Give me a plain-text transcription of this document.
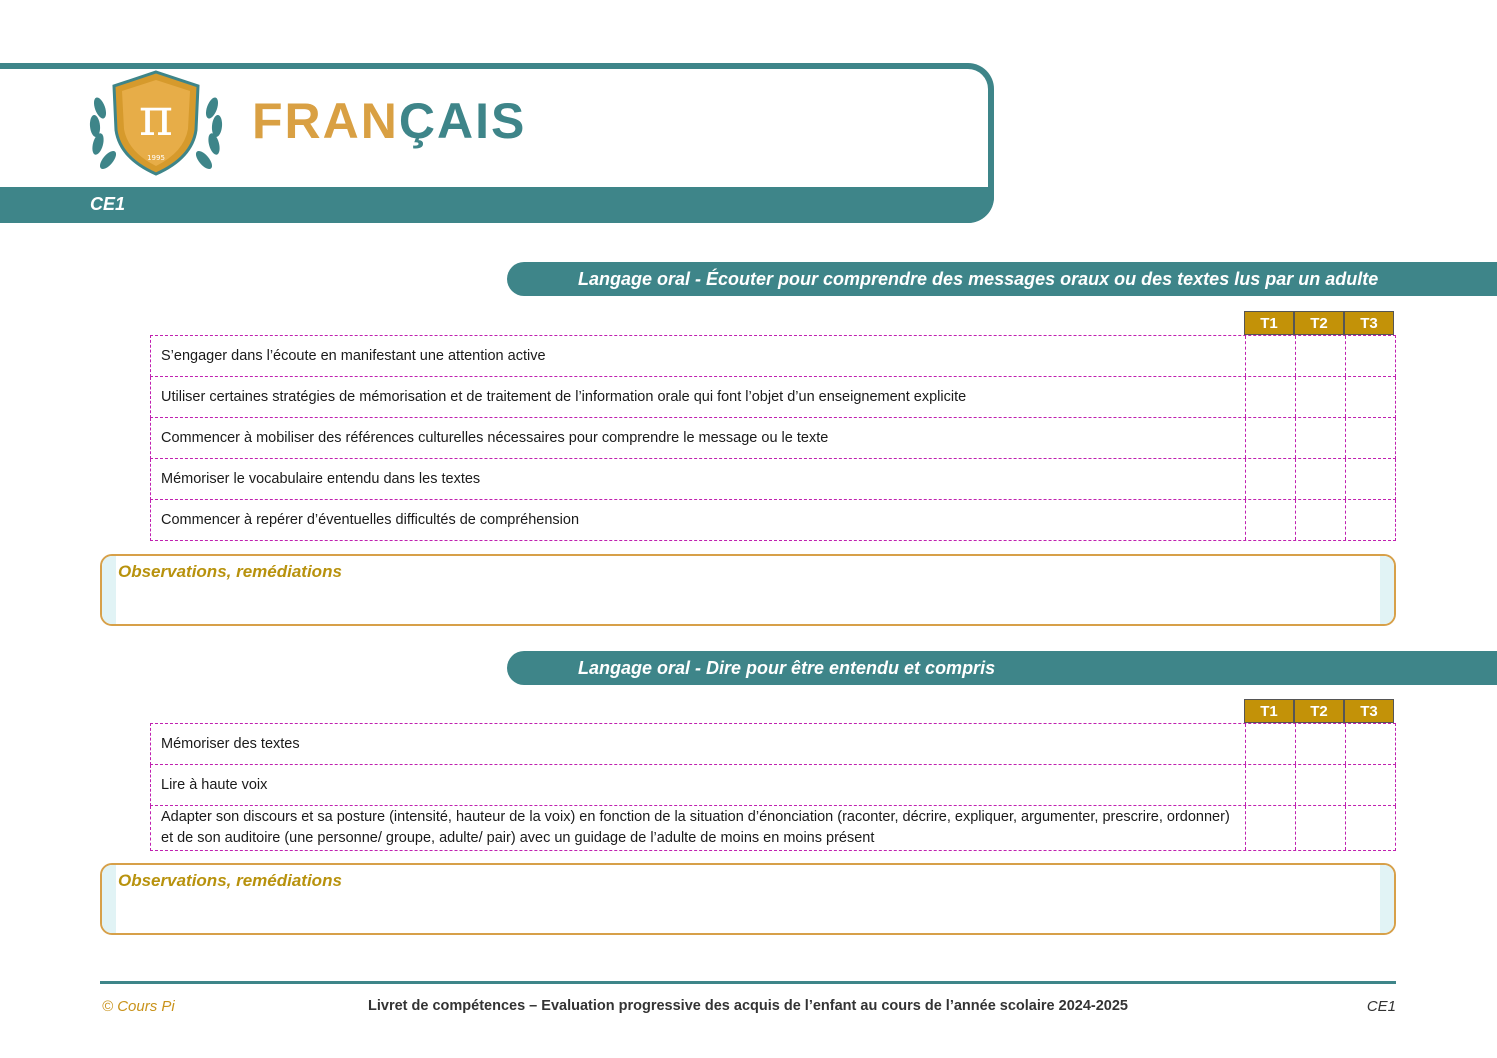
CE1
π
1995
FRANÇAIS
Langage oral - Écouter pour comprendre des messages oraux ou des textes lus par un adulte
T1	T2	T3
S’engager dans l’écoute en manifestant une attention active
Utiliser certaines stratégies de mémorisation et de traitement de l’information orale qui font l’objet d’un enseignement explicite
Commencer à mobiliser des références culturelles nécessaires pour comprendre le message ou le texte
Mémoriser le vocabulaire entendu dans les textes
Commencer à repérer d’éventuelles difficultés de compréhension
Observations, remédiations
Langage oral - Dire pour être entendu et compris
T1	T2	T3
Mémoriser des textes
Lire à haute voix
Adapter son discours et sa posture (intensité, hauteur de la voix) en fonction de la situation d’énonciation (raconter, décrire, expliquer, argumenter, prescrire, ordonner) et de son auditoire (une personne/ groupe, adulte/ pair) avec un guidage de l’adulte de moins en moins présent
Observations, remédiations
© Cours Pi	Livret de compétences – Evaluation progressive des acquis de l’enfant au cours de l’année scolaire 2024-2025	CE1
